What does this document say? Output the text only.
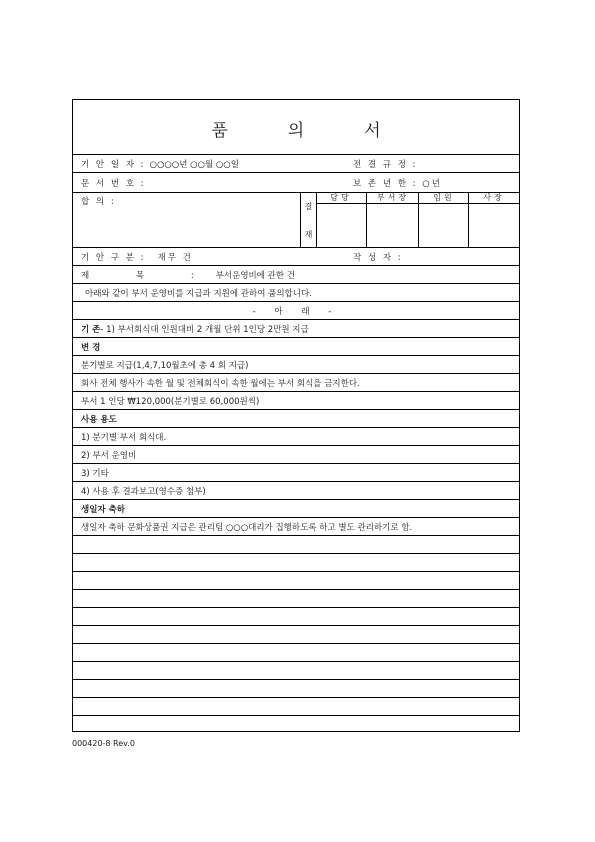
품의서
기 안 일 자 : ○○○○년 ○○월 ○○일	전 결 규 정 :
문 서 번 호 :	보 존 년 한 : ○년
합 의 :	결
재
담당	부서장	임원	사장
기 안 구 분 : 재무 건	작 성 자 :
제 목 : 부서운영비에 관한 건
아래와 같이 부서 운영비를 지급과 지원에 관하여 품의합니다.
- 아 래 -
기 존 - 1) 부서회식대 인원대비 2 개월 단위 1인당 2만원 지급
변 경
분기별로 지급(1,4,7,10월초에 총 4 회 지급)
회사 전체 행사가 속한 월 및 전체회식이 속한 월에는 부서 회식을 금지한다.
부서 1 인당 ₩120,000(분기별로 60,000원씩)
사용 용도
1) 분기별 부서 회식대.
2) 부서 운영비
3) 기타
4) 사용 후 결과보고(영수증 첨부)
생일자 축하
생일자 축하 문화상품권 지급은 관리팀 ○○○대리가 집행하도록 하고 별도 관리하기로 함.
000420-8 Rev.0
